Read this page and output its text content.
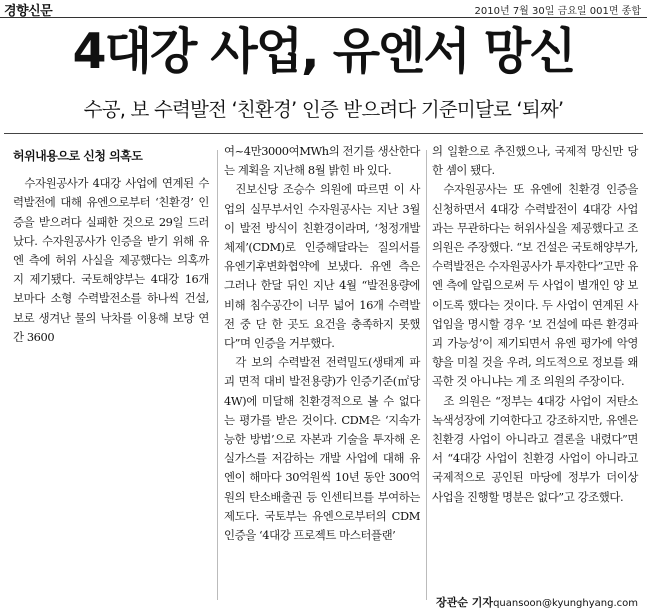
경향신문	2010년 7월 30일 금요일 001면 종합
4대강 사업, 유엔서 망신
수공, 보 수력발전 ‘친환경’ 인증 받으려다 기준미달로 ‘퇴짜’

허위내용으로 신청 의혹도

수자원공사가 4대강 사업에 연계된 수력발전에 대해 유엔으로부터 ‘친환경’ 인증을 받으려다 실패한 것으로 29일 드러났다. 수자원공사가 인증을 받기 위해 유엔 측에 허위 사실을 제공했다는 의혹까지 제기됐다. 국토해양부는 4대강 16개 보마다 소형 수력발전소를 하나씩 건설, 보로 생겨난 물의 낙차를 이용해 보당 연간 3600

여~4만3000여MWh의 전기를 생산한다는 계획을 지난해 8월 밝힌 바 있다.

진보신당 조승수 의원에 따르면 이 사업의 실무부서인 수자원공사는 지난 3월 이 발전 방식이 친환경이라며, ‘청정개발체제’(CDM)로 인증해달라는 질의서를 유엔기후변화협약에 보냈다. 유엔 측은 그러나 한달 뒤인 지난 4월 “발전용량에 비해 침수공간이 너무 넓어 16개 수력발전 중 단 한 곳도 요건을 충족하지 못했다”며 인증을 거부했다.

각 보의 수력발전 전력밀도(생태계 파괴 면적 대비 발전용량)가 인증기준(㎡당 4W)에 미달해 친환경적으로 볼 수 없다는 평가를 받은 것이다. CDM은 ‘지속가능한 방법’으로 자본과 기술을 투자해 온실가스를 저감하는 개발 사업에 대해 유엔이 해마다 30억원씩 10년 동안 300억원의 탄소배출권 등 인센티브를 부여하는 제도다. 국토부는 유엔으로부터의 CDM 인증을 ‘4대강 프로젝트 마스터플랜’

의 일환으로 추진했으나, 국제적 망신만 당한 셈이 됐다.

수자원공사는 또 유엔에 친환경 인증을 신청하면서 4대강 수력발전이 4대강 사업과는 무관하다는 허위사실을 제공했다고 조 의원은 주장했다. “보 건설은 국토해양부가, 수력발전은 수자원공사가 투자한다”고만 유엔 측에 알림으로써 두 사업이 별개인 양 보이도록 했다는 것이다. 두 사업이 연계된 사업임을 명시할 경우 ‘보 건설에 따른 환경파괴 가능성’이 제기되면서 유엔 평가에 악영향을 미칠 것을 우려, 의도적으로 정보를 왜곡한 것 아니냐는 게 조 의원의 주장이다.

조 의원은 “정부는 4대강 사업이 저탄소 녹색성장에 기여한다고 강조하지만, 유엔은 친환경 사업이 아니라고 결론을 내렸다”면서 “4대강 사업이 친환경 사업이 아니라고 국제적으로 공인된 마당에 정부가 더이상 사업을 진행할 명분은 없다”고 강조했다.

장관순 기자 quansoon@kyunghyang.com
